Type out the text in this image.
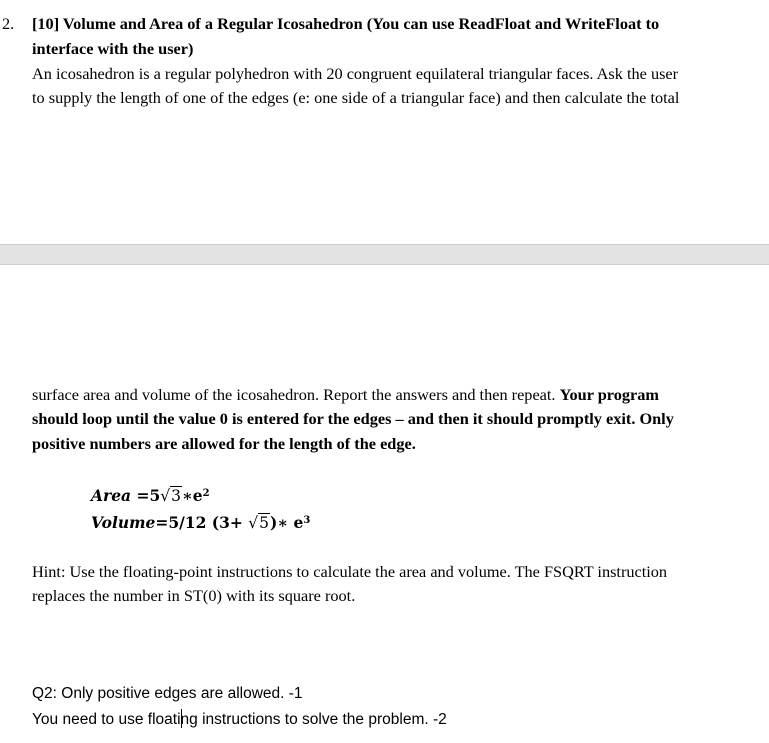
2. [10] Volume and Area of a Regular Icosahedron (You can use ReadFloat and WriteFloat to
interface with the user)
An icosahedron is a regular polyhedron with 20 congruent equilateral triangular faces. Ask the user
to supply the length of one of the edges (e: one side of a triangular face) and then calculate the total
surface area and volume of the icosahedron. Report the answers and then repeat. Your program
should loop until the value 0 is entered for the edges – and then it should promptly exit. Only
positive numbers are allowed for the length of the edge.
Area $=5√3∗e^2$
Volume=5/12 (3+ √5)∗ $e^3$
Hint: Use the floating-point instructions to calculate the area and volume. The FSQRT instruction
replaces the number in ST(0) with its square root.
Q2: Only positive edges are allowed. -1
You need to use floating instructions to solve the problem. -2
